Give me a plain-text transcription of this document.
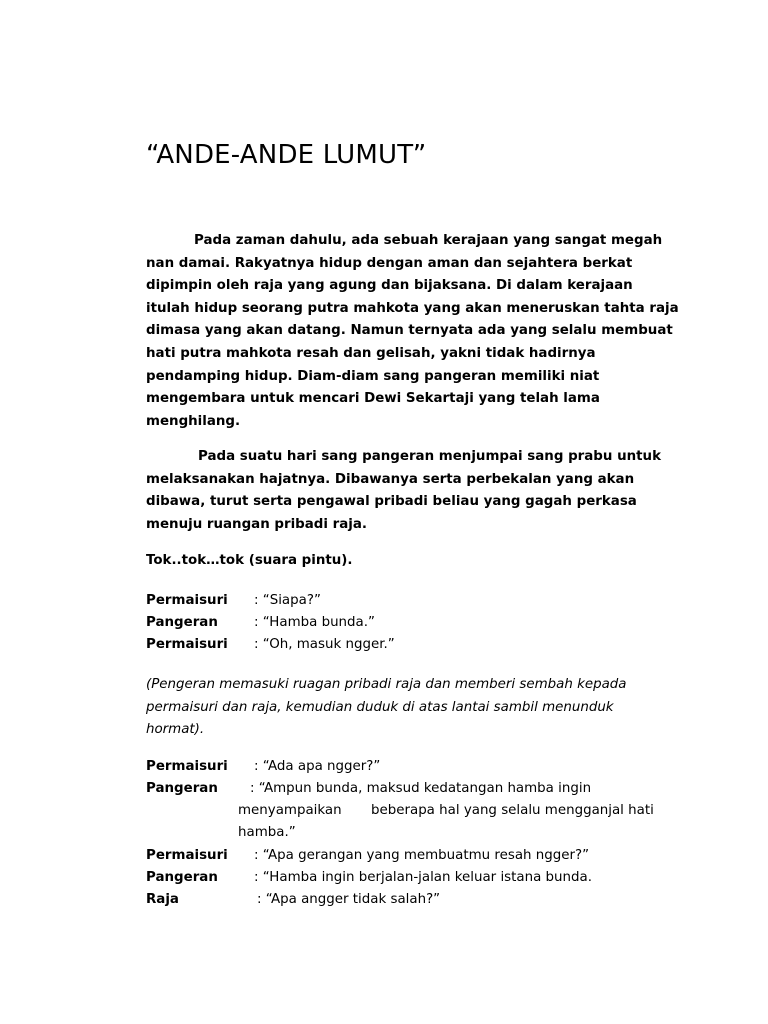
“ANDE-ANDE LUMUT”
Pada zaman dahulu, ada sebuah kerajaan yang sangat megah
nan damai. Rakyatnya hidup dengan aman dan sejahtera berkat
dipimpin oleh raja yang agung dan bijaksana. Di dalam kerajaan
itulah hidup seorang putra mahkota yang akan meneruskan tahta raja
dimasa yang akan datang. Namun ternyata ada yang selalu membuat
hati putra mahkota resah dan gelisah, yakni tidak hadirnya
pendamping hidup. Diam-diam sang pangeran memiliki niat
mengembara untuk mencari Dewi Sekartaji yang telah lama
menghilang.
Pada suatu hari sang pangeran menjumpai sang prabu untuk
melaksanakan hajatnya. Dibawanya serta perbekalan yang akan
dibawa, turut serta pengawal pribadi beliau yang gagah perkasa
menuju ruangan pribadi raja.
Tok..tok…tok (suara pintu).
Permaisuri : “Siapa?”
Pangeran	: “Hamba bunda.”
Permaisuri : “Oh, masuk ngger.”
(Pengeran memasuki ruagan pribadi raja dan memberi sembah kepada
permaisuri dan raja, kemudian duduk di atas lantai sambil menunduk
hormat).
Permaisuri : “Ada apa ngger?”
Pangeran : “Ampun bunda, maksud kedatangan hamba ingin
menyampaikan beberapa hal yang selalu mengganjal hati
hamba.”
Permaisuri : “Apa gerangan yang membuatmu resah ngger?”
Pangeran	: “Hamba ingin berjalan-jalan keluar istana bunda.
Raja	: “Apa angger tidak salah?”
